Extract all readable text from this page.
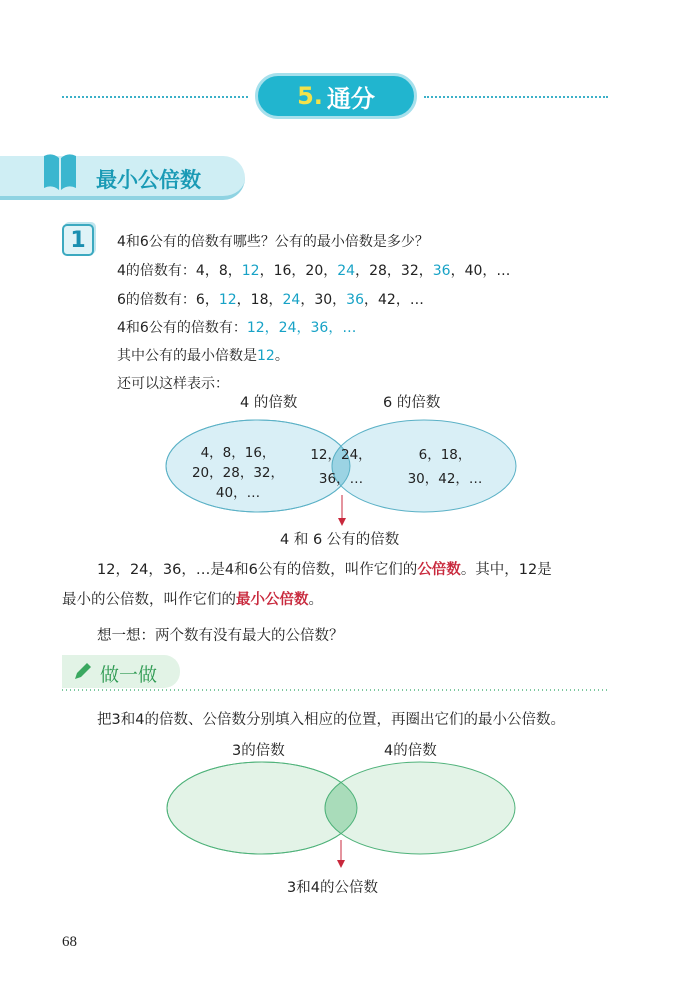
5. 通分
最小公倍数
1	4和6公有的倍数有哪些？公有的最小倍数是多少？
4的倍数有：4，8，12，16，20，24，28，32，36，40，…
6的倍数有：6，12，18，24，30，36，42，…
4和6公有的倍数有：12，24，36，…
其中公有的最小倍数是12。
还可以这样表示：
4 的倍数	6 的倍数
4，8，16，
20，28，32，
40，…
12，24，
36，…
6，18，
30，42，…
4 和 6 公有的倍数
12，24，36，…是4和6公有的倍数，叫作它们的公倍数。其中，12是
最小的公倍数，叫作它们的最小公倍数。
想一想：两个数有没有最大的公倍数？
做一做
把3和4的倍数、公倍数分别填入相应的位置，再圈出它们的最小公倍数。
3的倍数	4的倍数
3和4的公倍数
68
